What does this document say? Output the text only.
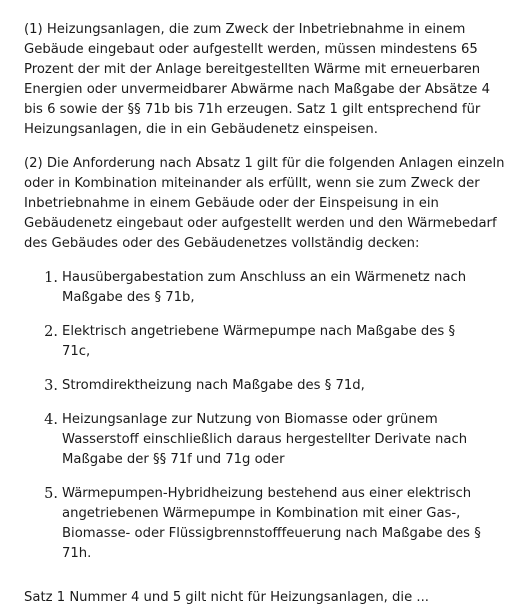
(1) Heizungsanlagen, die zum Zweck der Inbetriebnahme in einem Gebäude eingebaut oder aufgestellt werden, müssen mindestens 65 Prozent der mit der Anlage bereitgestellten Wärme mit erneuerbaren Energien oder unvermeidbarer Abwärme nach Maßgabe der Absätze 4 bis 6 sowie der §§ 71b bis 71h erzeugen. Satz 1 gilt entsprechend für Heizungsanlagen, die in ein Gebäudenetz einspeisen.

(2) Die Anforderung nach Absatz 1 gilt für die folgenden Anlagen einzeln oder in Kombination miteinander als erfüllt, wenn sie zum Zweck der Inbetriebnahme in einem Gebäude oder der Einspeisung in ein Gebäudenetz eingebaut oder aufgestellt werden und den Wärmebedarf des Gebäudes oder des Gebäudenetzes vollständig decken:

1. Hausübergabestation zum Anschluss an ein Wärmenetz nach Maßgabe des § 71b,
2. Elektrisch angetriebene Wärmepumpe nach Maßgabe des § 71c,
3. Stromdirektheizung nach Maßgabe des § 71d,
4. Heizungsanlage zur Nutzung von Biomasse oder grünem Wasserstoff einschließlich daraus hergestellter Derivate nach Maßgabe der §§ 71f und 71g oder
5. Wärmepumpen-Hybridheizung bestehend aus einer elektrisch angetriebenen Wärmepumpe in Kombination mit einer Gas-, Biomasse- oder Flüssigbrennstofffeuerung nach Maßgabe des § 71h.
Satz 1 Nummer 4 und 5 gilt nicht für Heizungsanlagen, die ...
